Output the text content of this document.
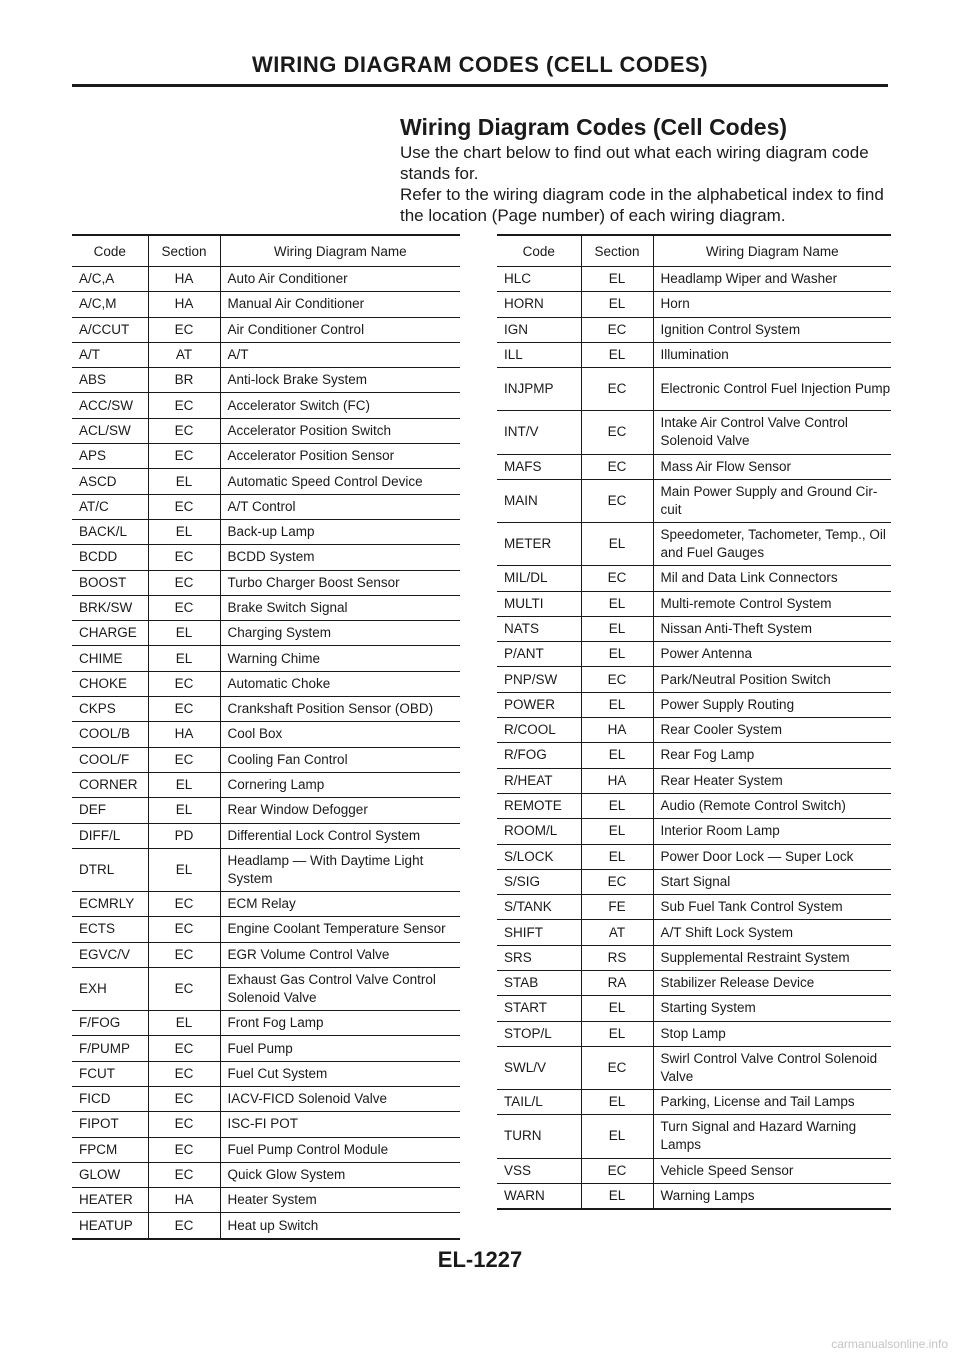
WIRING DIAGRAM CODES (CELL CODES)
Wiring Diagram Codes (Cell Codes)

Use the chart below to find out what each wiring diagram code

stands for.

Refer to the wiring diagram code in the alphabetical index to find

the location (Page number) of each wiring diagram.

Code	Section	Wiring Diagram Name
A/C,A	HA	Auto Air Conditioner
A/C,M	HA	Manual Air Conditioner
A/CCUT	EC	Air Conditioner Control
A/T	AT	A/T
ABS	BR	Anti-lock Brake System
ACC/SW	EC	Accelerator Switch (FC)
ACL/SW	EC	Accelerator Position Switch
APS	EC	Accelerator Position Sensor
ASCD	EL	Automatic Speed Control Device
AT/C	EC	A/T Control
BACK/L	EL	Back-up Lamp
BCDD	EC	BCDD System
BOOST	EC	Turbo Charger Boost Sensor
BRK/SW	EC	Brake Switch Signal
CHARGE	EL	Charging System
CHIME	EL	Warning Chime
CHOKE	EC	Automatic Choke
CKPS	EC	Crankshaft Position Sensor (OBD)
COOL/B	HA	Cool Box
COOL/F	EC	Cooling Fan Control
CORNER	EL	Cornering Lamp
DEF	EL	Rear Window Defogger
DIFF/L	PD	Differential Lock Control System
DTRL	EL	Headlamp — With Daytime Light System
ECMRLY	EC	ECM Relay
ECTS	EC	Engine Coolant Temperature Sensor
EGVC/V	EC	EGR Volume Control Valve
EXH	EC	Exhaust Gas Control Valve Control Solenoid Valve
F/FOG	EL	Front Fog Lamp
F/PUMP	EC	Fuel Pump
FCUT	EC	Fuel Cut System
FICD	EC	IACV-FICD Solenoid Valve
FIPOT	EC	ISC-FI POT
FPCM	EC	Fuel Pump Control Module
GLOW	EC	Quick Glow System
HEATER	HA	Heater System
HEATUP	EC	Heat up Switch
Code	Section	Wiring Diagram Name
HLC	EL	Headlamp Wiper and Washer
HORN	EL	Horn
IGN	EC	Ignition Control System
ILL	EL	Illumination
INJPMP	EC	Electronic Control Fuel Injection Pump
INT/V	EC	Intake Air Control Valve Control Solenoid Valve
MAFS	EC	Mass Air Flow Sensor
MAIN	EC	Main Power Supply and Ground Cir- cuit
METER	EL	Speedometer, Tachometer, Temp., Oil and Fuel Gauges
MIL/DL	EC	Mil and Data Link Connectors
MULTI	EL	Multi-remote Control System
NATS	EL	Nissan Anti-Theft System
P/ANT	EL	Power Antenna
PNP/SW	EC	Park/Neutral Position Switch
POWER	EL	Power Supply Routing
R/COOL	HA	Rear Cooler System
R/FOG	EL	Rear Fog Lamp
R/HEAT	HA	Rear Heater System
REMOTE	EL	Audio (Remote Control Switch)
ROOM/L	EL	Interior Room Lamp
S/LOCK	EL	Power Door Lock — Super Lock
S/SIG	EC	Start Signal
S/TANK	FE	Sub Fuel Tank Control System
SHIFT	AT	A/T Shift Lock System
SRS	RS	Supplemental Restraint System
STAB	RA	Stabilizer Release Device
START	EL	Starting System
STOP/L	EL	Stop Lamp
SWL/V	EC	Swirl Control Valve Control Solenoid Valve
TAIL/L	EL	Parking, License and Tail Lamps
TURN	EL	Turn Signal and Hazard Warning Lamps
VSS	EC	Vehicle Speed Sensor
WARN	EL	Warning Lamps
EL-1227
carmanualsonline.info
